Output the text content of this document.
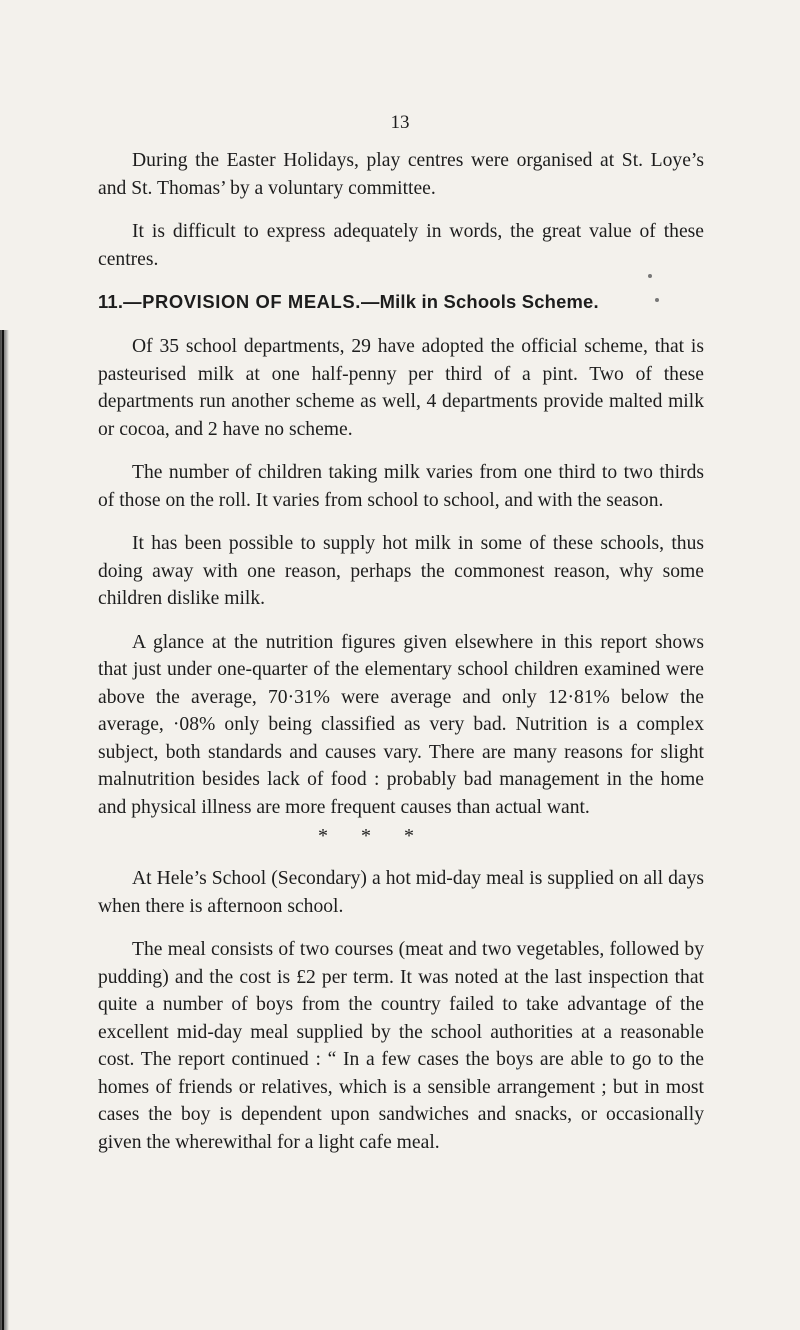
13

During the Easter Holidays, play centres were organised at St. Loye’s and St. Thomas’ by a voluntary committee.

It is difficult to express adequately in words, the great value of these centres.

11.—PROVISION OF MEALS.—Milk in Schools Scheme.

Of 35 school departments, 29 have adopted the official scheme, that is pasteurised milk at one half-penny per third of a pint. Two of these departments run another scheme as well, 4 departments provide malted milk or cocoa, and 2 have no scheme.

The number of children taking milk varies from one third to two thirds of those on the roll. It varies from school to school, and with the season.

It has been possible to supply hot milk in some of these schools, thus doing away with one reason, perhaps the commonest reason, why some children dislike milk.

A glance at the nutrition figures given elsewhere in this report shows that just under one-quarter of the elementary school children examined were above the average, 70·31% were average and only 12·81% below the average, ·08% only being classified as very bad. Nutrition is a complex subject, both standards and causes vary. There are many reasons for slight malnutrition besides lack of food : probably bad management in the home and physical illness are more frequent causes than actual want.

* * *

At Hele’s School (Secondary) a hot mid-day meal is supplied on all days when there is afternoon school.

The meal consists of two courses (meat and two vegetables, followed by pudding) and the cost is £2 per term. It was noted at the last inspection that quite a number of boys from the country failed to take advantage of the excellent mid-day meal supplied by the school authorities at a reasonable cost. The report continued : “ In a few cases the boys are able to go to the homes of friends or relatives, which is a sensible arrangement ; but in most cases the boy is dependent upon sandwiches and snacks, or occasionally given the wherewithal for a light cafe meal.
